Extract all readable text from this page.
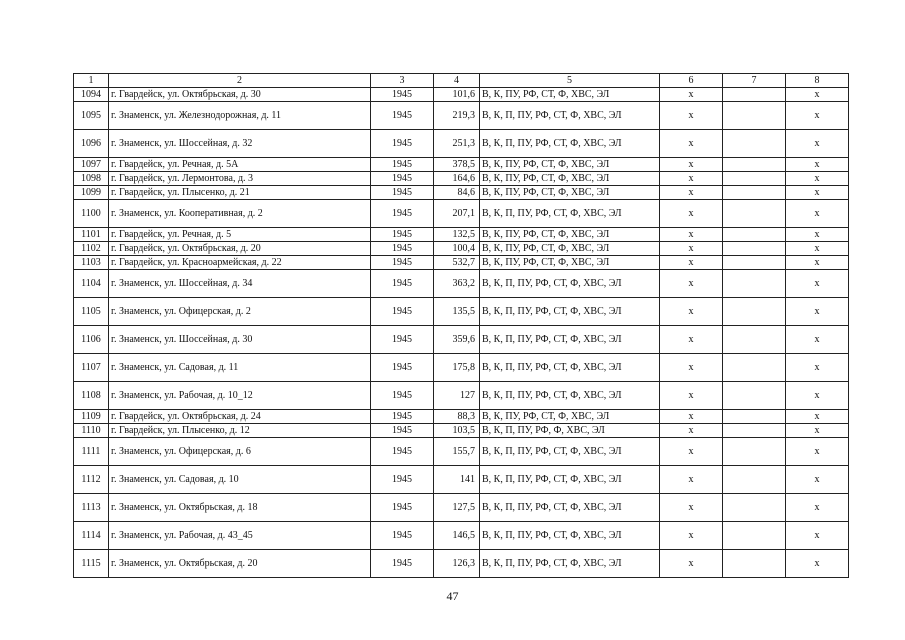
1	2	3	4	5	6	7	8
1094	г. Гвардейск, ул. Октябрьская, д. 30	1945	101,6	В, К, ПУ, РФ, СТ, Ф, ХВС, ЭЛ	х		х
1095	г. Знаменск, ул. Железнодорожная, д. 11	1945	219,3	В, К, П, ПУ, РФ, СТ, Ф, ХВС, ЭЛ	х		х
1096	г. Знаменск, ул. Шоссейная, д. 32	1945	251,3	В, К, П, ПУ, РФ, СТ, Ф, ХВС, ЭЛ	х		х
1097	г. Гвардейск, ул. Речная, д. 5А	1945	378,5	В, К, ПУ, РФ, СТ, Ф, ХВС, ЭЛ	х		х
1098	г. Гвардейск, ул. Лермонтова, д. 3	1945	164,6	В, К, ПУ, РФ, СТ, Ф, ХВС, ЭЛ	х		х
1099	г. Гвардейск, ул. Плысенко, д. 21	1945	84,6	В, К, ПУ, РФ, СТ, Ф, ХВС, ЭЛ	х		х
1100	г. Знаменск, ул. Кооперативная, д. 2	1945	207,1	В, К, П, ПУ, РФ, СТ, Ф, ХВС, ЭЛ	х		х
1101	г. Гвардейск, ул. Речная, д. 5	1945	132,5	В, К, ПУ, РФ, СТ, Ф, ХВС, ЭЛ	х		х
1102	г. Гвардейск, ул. Октябрьская, д. 20	1945	100,4	В, К, ПУ, РФ, СТ, Ф, ХВС, ЭЛ	х		х
1103	г. Гвардейск, ул. Красноармейская, д. 22	1945	532,7	В, К, ПУ, РФ, СТ, Ф, ХВС, ЭЛ	х		х
1104	г. Знаменск, ул. Шоссейная, д. 34	1945	363,2	В, К, П, ПУ, РФ, СТ, Ф, ХВС, ЭЛ	х		х
1105	г. Знаменск, ул. Офицерская, д. 2	1945	135,5	В, К, П, ПУ, РФ, СТ, Ф, ХВС, ЭЛ	х		х
1106	г. Знаменск, ул. Шоссейная, д. 30	1945	359,6	В, К, П, ПУ, РФ, СТ, Ф, ХВС, ЭЛ	х		х
1107	г. Знаменск, ул. Садовая, д. 11	1945	175,8	В, К, П, ПУ, РФ, СТ, Ф, ХВС, ЭЛ	х		х
1108	г. Знаменск, ул. Рабочая, д. 10_12	1945	127	В, К, П, ПУ, РФ, СТ, Ф, ХВС, ЭЛ	х		х
1109	г. Гвардейск, ул. Октябрьская, д. 24	1945	88,3	В, К, ПУ, РФ, СТ, Ф, ХВС, ЭЛ	х		х
1110	г. Гвардейск, ул. Плысенко, д. 12	1945	103,5	В, К, П, ПУ, РФ, Ф, ХВС, ЭЛ	х		х
1111	г. Знаменск, ул. Офицерская, д. 6	1945	155,7	В, К, П, ПУ, РФ, СТ, Ф, ХВС, ЭЛ	х		х
1112	г. Знаменск, ул. Садовая, д. 10	1945	141	В, К, П, ПУ, РФ, СТ, Ф, ХВС, ЭЛ	х		х
1113	г. Знаменск, ул. Октябрьская, д. 18	1945	127,5	В, К, П, ПУ, РФ, СТ, Ф, ХВС, ЭЛ	х		х
1114	г. Знаменск, ул. Рабочая, д. 43_45	1945	146,5	В, К, П, ПУ, РФ, СТ, Ф, ХВС, ЭЛ	х		х
1115	г. Знаменск, ул. Октябрьская, д. 20	1945	126,3	В, К, П, ПУ, РФ, СТ, Ф, ХВС, ЭЛ	х		х
47
